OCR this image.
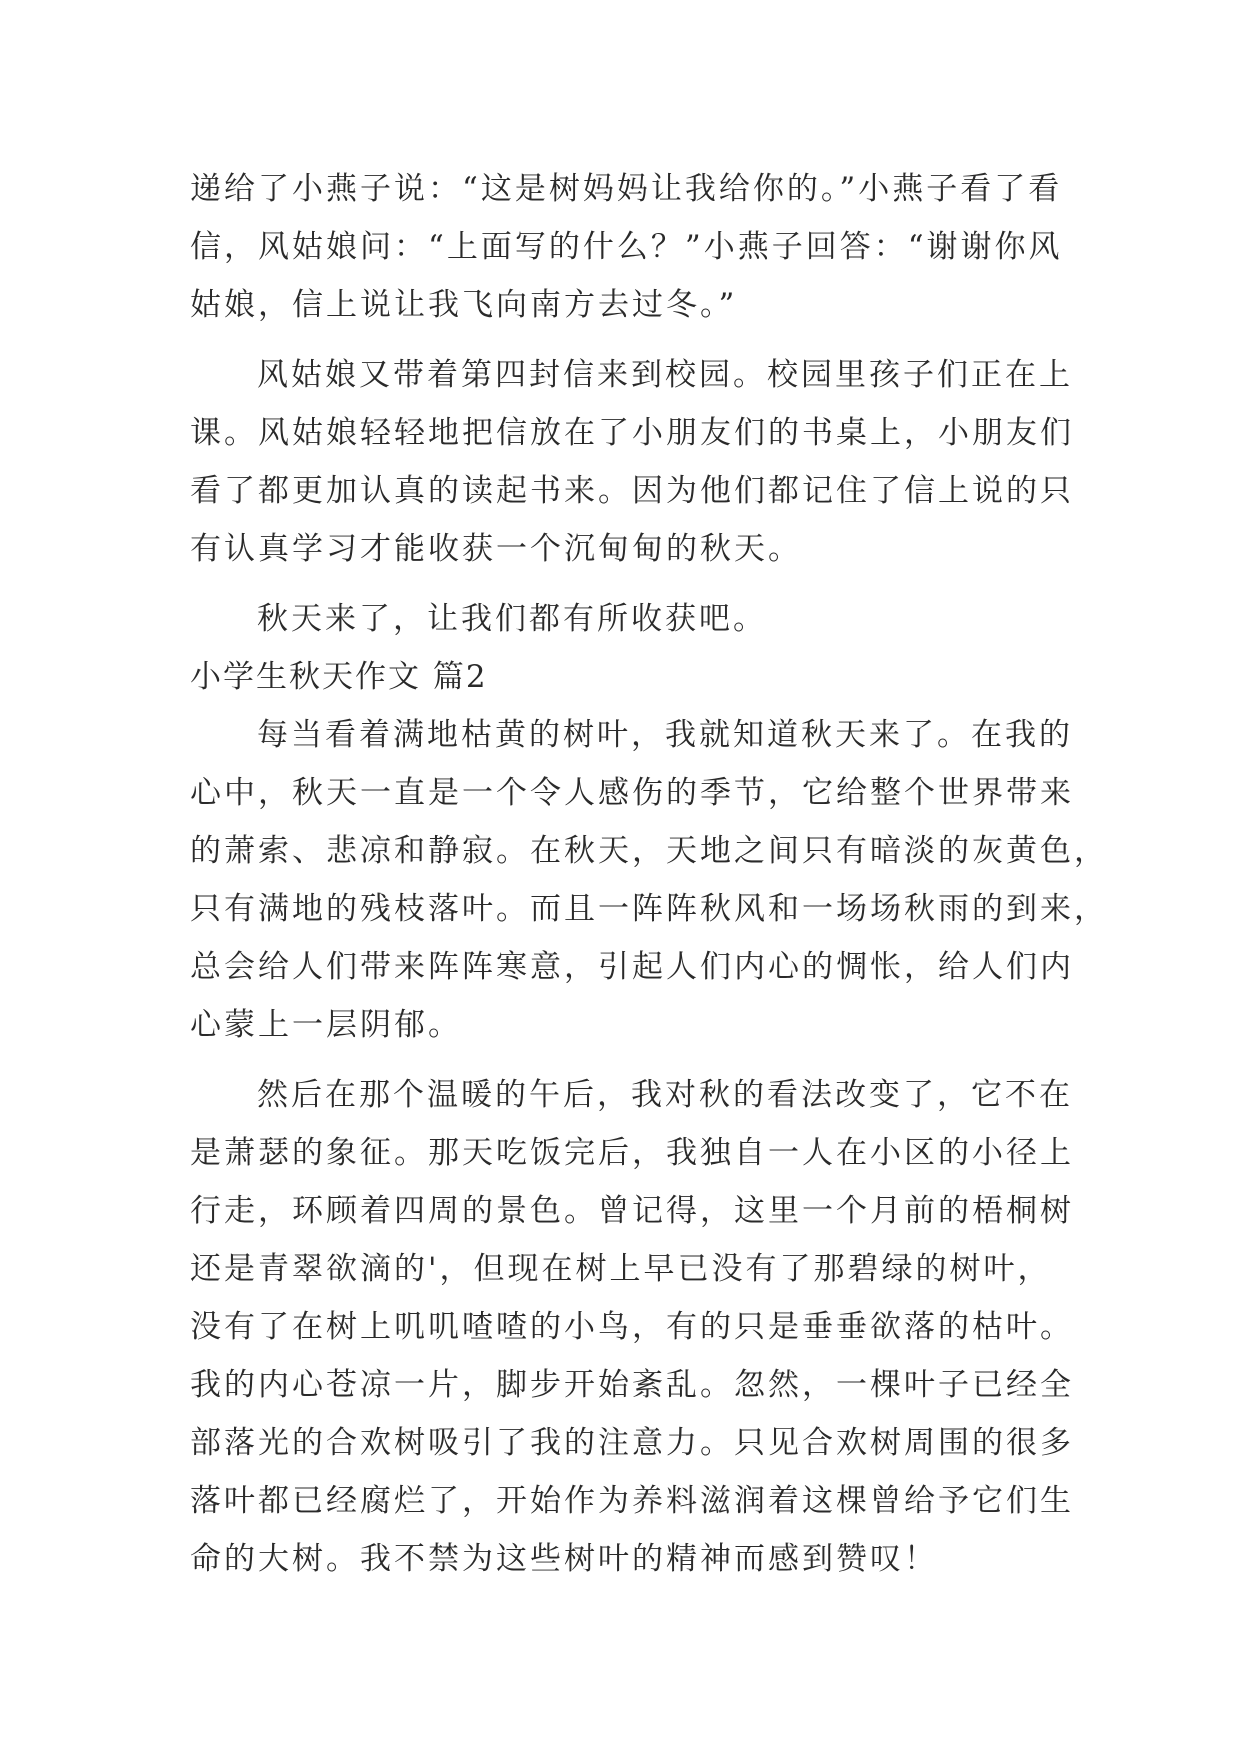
递给了小燕子说：“这是树妈妈让我给你的。”小燕子看了看
信，风姑娘问：“上面写的什么？”小燕子回答：“谢谢你风
姑娘，信上说让我飞向南方去过冬。”
风姑娘又带着第四封信来到校园。校园里孩子们正在上
课。风姑娘轻轻地把信放在了小朋友们的书桌上，小朋友们
看了都更加认真的读起书来。因为他们都记住了信上说的只
有认真学习才能收获一个沉甸甸的秋天。
秋天来了，让我们都有所收获吧。
小学生秋天作文 篇2
每当看着满地枯黄的树叶，我就知道秋天来了。在我的
心中，秋天一直是一个令人感伤的季节，它给整个世界带来
的萧索、悲凉和静寂。在秋天，天地之间只有暗淡的灰黄色，
只有满地的残枝落叶。而且一阵阵秋风和一场场秋雨的到来，
总会给人们带来阵阵寒意，引起人们内心的惆怅，给人们内
心蒙上一层阴郁。
然后在那个温暖的午后，我对秋的看法改变了，它不在
是萧瑟的象征。那天吃饭完后，我独自一人在小区的小径上
行走，环顾着四周的景色。曾记得，这里一个月前的梧桐树
还是青翠欲滴的'，但现在树上早已没有了那碧绿的树叶，
没有了在树上叽叽喳喳的小鸟，有的只是垂垂欲落的枯叶。
我的内心苍凉一片，脚步开始紊乱。忽然，一棵叶子已经全
部落光的合欢树吸引了我的注意力。只见合欢树周围的很多
落叶都已经腐烂了，开始作为养料滋润着这棵曾给予它们生
命的大树。我不禁为这些树叶的精神而感到赞叹！
